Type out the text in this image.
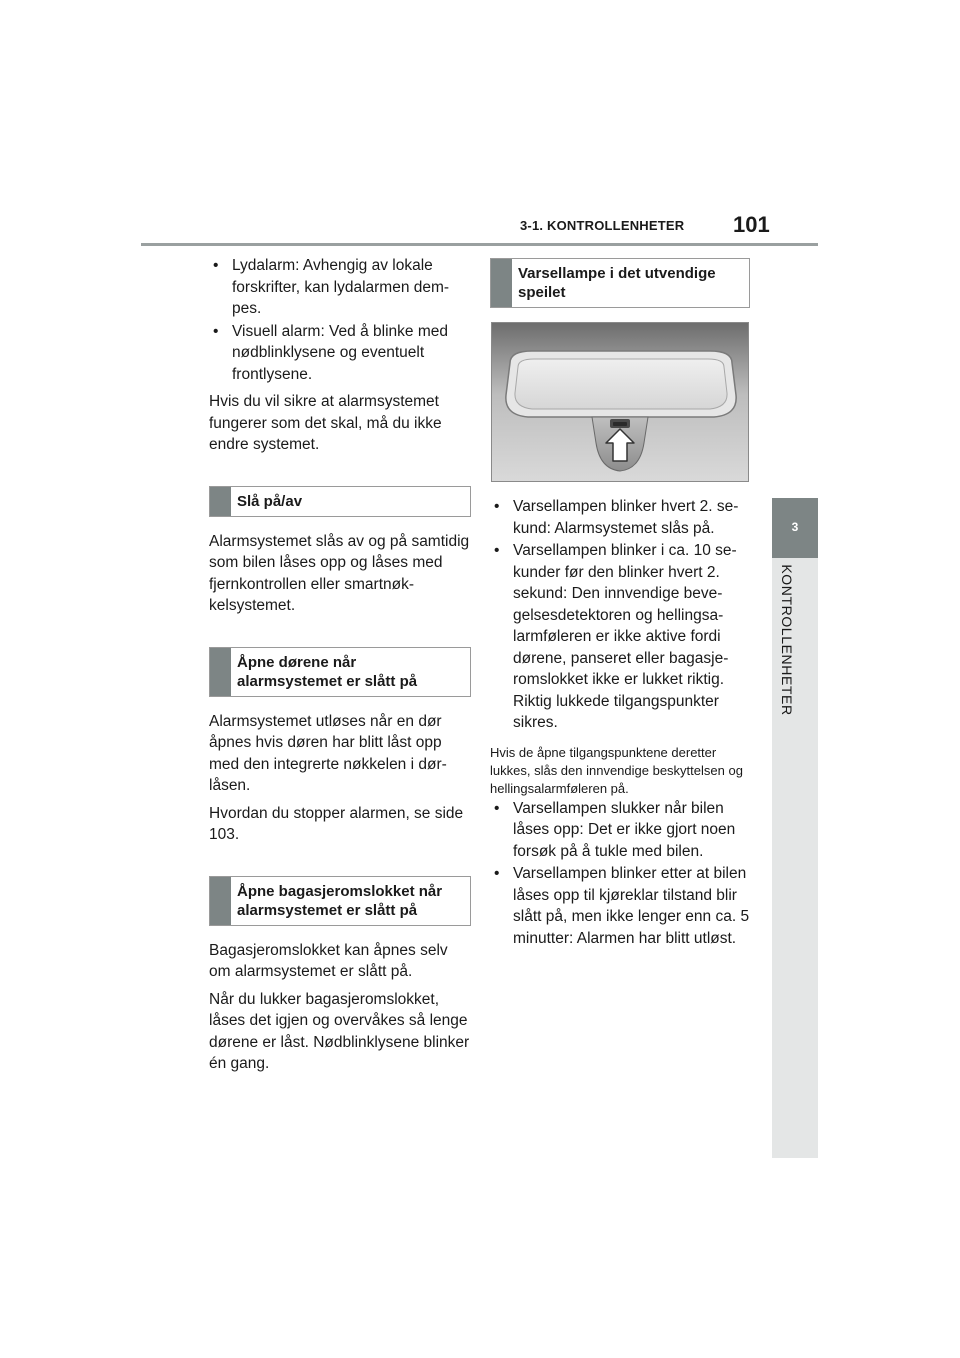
3-1. KONTROLLENHETER 101
3
KONTROLLENHETER
• Lydalarm: Avhengig av lokale forskrifter, kan lydalarmen dempes.
• Visuell alarm: Ved å blinke med nødblinklysene og eventuelt frontlysene.

Hvis du vil sikre at alarmsystemet fungerer som det skal, må du ikke endre systemet.

Slå på/av

Alarmsystemet slås av og på samtidig som bilen låses opp og låses med fjernkontrollen eller smartnøkkelsystemet.

Åpne dørene når alarmsystemet er slått på

Alarmsystemet utløses når en dør åpnes hvis døren har blitt låst opp med den integrerte nøkkelen i dørlåsen.

Hvordan du stopper alarmen, se side 103.

Åpne bagasjeromslokket når alarmsystemet er slått på

Bagasjeromslokket kan åpnes selv om alarmsystemet er slått på.

Når du lukker bagasjeromslokket, låses det igjen og overvåkes så lenge dørene er låst. Nødblinklysene blinker én gang.

Varsellampe i det utvendige speilet
• Varsellampen blinker hvert 2. sekund: Alarmsystemet slås på.
• Varsellampen blinker i ca. 10 sekunder før den blinker hvert 2. sekund: Den innvendige bevegelsesdetektoren og hellingsalarmføleren er ikke aktive fordi dørene, panseret eller bagasjeromslokket ikke er lukket riktig. Riktig lukkede tilgangspunkter sikres.

Hvis de åpne tilgangspunktene deretter lukkes, slås den innvendige beskyttelsen og hellingsalarmføleren på.

• Varsellampen slukker når bilen låses opp: Det er ikke gjort noen forsøk på å tukle med bilen.
• Varsellampen blinker etter at bilen låses opp til kjøreklar tilstand blir slått på, men ikke lenger enn ca. 5 minutter: Alarmen har blitt utløst.
